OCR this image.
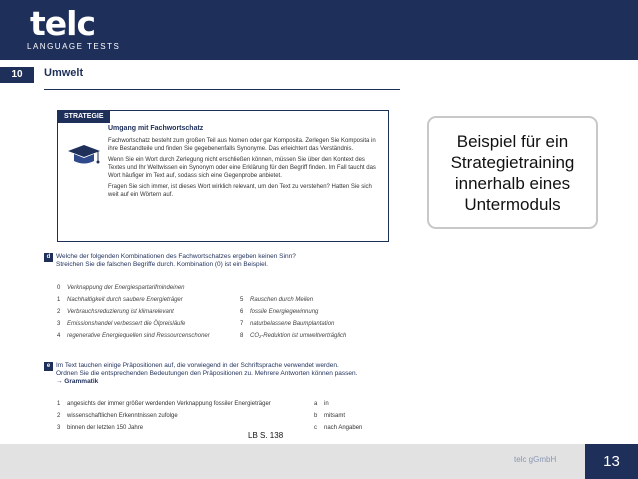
telc
LANGUAGE TESTS
10	Umwelt
STRATEGIE
Umgang mit Fachwortschatz

Fachwortschatz besteht zum großen Teil aus Nomen oder gar Komposita. Zerlegen Sie Komposita in ihre Bestandteile und finden Sie gegebenenfalls Synonyme. Das erleichtert das Verständnis.

Wenn Sie ein Wort durch Zerlegung nicht erschließen können, müssen Sie über den Kontext des Textes und Ihr Weltwissen ein Synonym oder eine Erklärung für den Begriff finden. Im Fall taucht das Wort häufiger im Text auf, sodass sich eine Gegenprobe anbietet.

Fragen Sie sich immer, ist dieses Wort wirklich relevant, um den Text zu verstehen? Hatten Sie sich weit auf ein Wörtern auf.

Beispiel für ein Strategietraining innerhalb eines Untermoduls
d Welche der folgenden Kombinationen des Fachwortschatzes ergeben keinen Sinn?
Streichen Sie die falschen Begriffe durch. Kombination (0) ist ein Beispiel.
0 Verknappung der Energiespartarifmindeinen
1 Nachhaltigkeit durch saubere Energieträger
2 Verbrauchsreduzierung ist klimarelevant
3 Emissionshandel verbessert die Ölpreisläufe
4 regenerative Energiequellen sind Ressourcenschoner
5 Rauschen durch Meilen
6 fossile Energiegewinnung
7 naturbelassene Baumplantation
8 CO₂-Reduktion ist umweltverträglich
e Im Text tauchen einige Präpositionen auf, die vorwiegend in der Schriftsprache verwendet werden.
Ordnen Sie die entsprechenden Bedeutungen den Präpositionen zu. Mehrere Antworten können passen.
→ Grammatik
1 angesichts der immer größer werdenden Verknappung fossiler Energieträger
2 wissenschaftlichen Erkenntnissen zufolge
3 binnen der letzten 150 Jahre
a in
b mitsamt
c nach Angaben
LB S. 138
telc gGmbH	13
